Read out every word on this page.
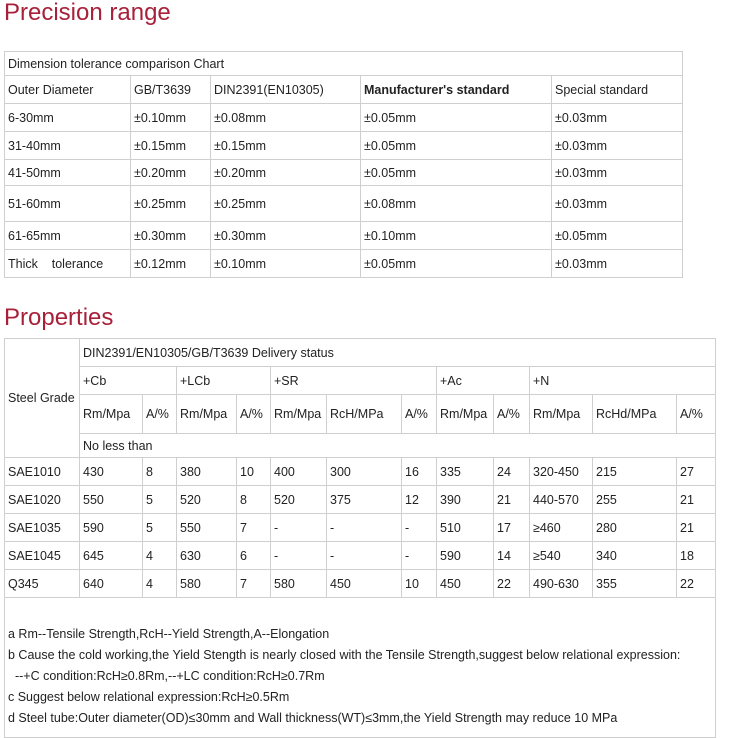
Precision range
Dimension tolerance comparison Chart				
Outer Diameter	GB/T3639	DIN2391(EN10305)	Manufacturer's standard	Special standard
6-30mm	±0.10mm	±0.08mm	±0.05mm	±0.03mm
31-40mm	±0.15mm	±0.15mm	±0.05mm	±0.03mm
41-50mm	±0.20mm	±0.20mm	±0.05mm	±0.03mm
51-60mm	±0.25mm	±0.25mm	±0.08mm	±0.03mm
61-65mm	±0.30mm	±0.30mm	±0.10mm	±0.05mm
Thick    tolerance	±0.12mm	±0.10mm	±0.05mm	±0.03mm
Properties
Steel Grade	DIN2391/EN10305/GB/T3639 Delivery status											
	+Cb		+LCb		+SR			+Ac		+N		
	Rm/Mpa	A/%	Rm/Mpa	A/%	Rm/Mpa	RcH/MPa	A/%	Rm/Mpa	A/%	Rm/Mpa	RcHd/MPa	A/%
	No less than											
SAE1010	430	8	380	10	400	300	16	335	24	320-450	215	27
SAE1020	550	5	520	8	520	375	12	390	21	440-570	255	21
SAE1035	590	5	550	7	-	-	-	510	17	≥460	280	21
SAE1045	645	4	630	6	-	-	-	590	14	≥540	340	18
Q345	640	4	580	7	580	450	10	450	22	490-630	355	22

a Rm--Tensile Strength,RcH--Yield Strength,A--Elongation
b Cause the cold working,the Yield Stength is nearly closed with the Tensile Strength,suggest below relational expression:
--+C condition:RcH≥0.8Rm,--+LC condition:RcH≥0.7Rm
c Suggest below relational expression:RcH≥0.5Rm
d Steel tube:Outer diameter(OD)≤30mm and Wall thickness(WT)≤3mm,the Yield Strength may reduce 10 MPa												
